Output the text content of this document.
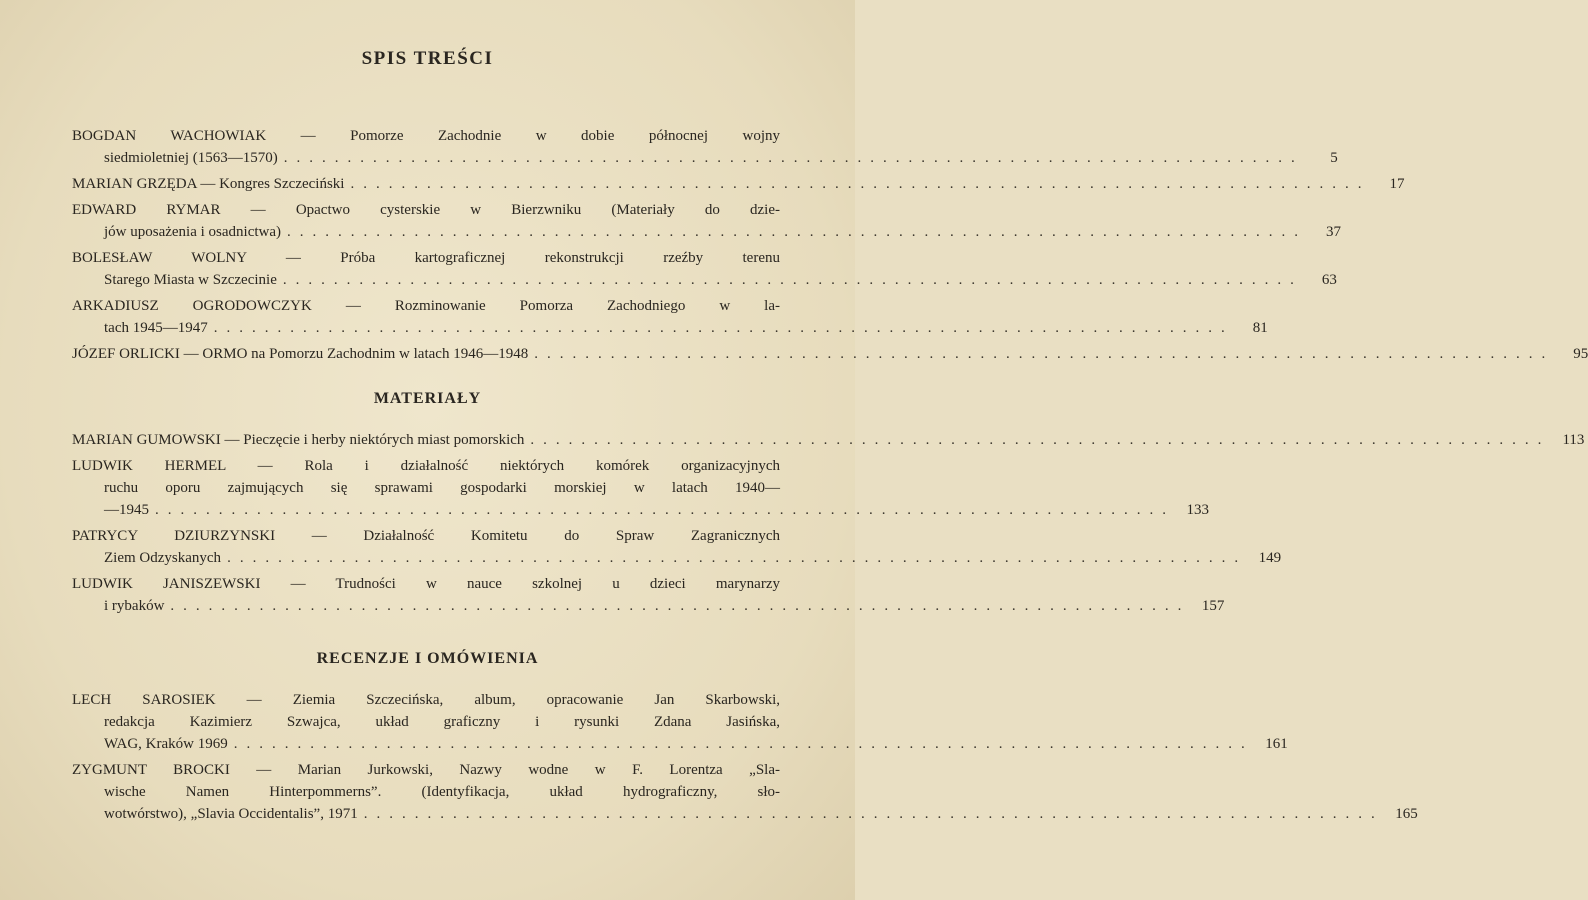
SPIS TREŚCI
BOGDAN WACHOWIAK — Pomorze Zachodnie w dobie północnej wojny
siedmioletniej (1563—1570) ................................................................................	5
MARIAN GRZĘDA — Kongres Szczeciński ................................................................................	17
EDWARD RYMAR — Opactwo cysterskie w Bierzwniku (Materiały do dzie-
jów uposażenia i osadnictwa) ................................................................................	37
BOLESŁAW WOLNY — Próba kartograficznej rekonstrukcji rzeźby terenu
Starego Miasta w Szczecinie ................................................................................	63
ARKADIUSZ OGRODOWCZYK — Rozminowanie Pomorza Zachodniego w la-
tach 1945—1947 ................................................................................	81
JÓZEF ORLICKI — ORMO na Pomorzu Zachodnim w latach 1946—1948 ................................................................................	95
MATERIAŁY
MARIAN GUMOWSKI — Pieczęcie i herby niektórych miast pomorskich ................................................................................ 113
LUDWIK HERMEL — Rola i działalność niektórych komórek organizacyjnych
ruchu oporu zajmujących się sprawami gospodarki morskiej w latach 1940—
—1945 ................................................................................ 133
PATRYCY DZIURZYNSKI — Działalność Komitetu do Spraw Zagranicznych
Ziem Odzyskanych ................................................................................ 149
LUDWIK JANISZEWSKI — Trudności w nauce szkolnej u dzieci marynarzy
i rybaków ................................................................................ 157
RECENZJE I OMÓWIENIA
LECH SAROSIEK — Ziemia Szczecińska, album, opracowanie Jan Skarbowski,
redakcja Kazimierz Szwajca, układ graficzny i rysunki Zdana Jasińska,
WAG, Kraków 1969 ................................................................................ 161
ZYGMUNT BROCKI — Marian Jurkowski, Nazwy wodne w F. Lorentza „Sla-
wische Namen Hinterpommerns”. (Identyfikacja, układ hydrograficzny, sło-
wotwórstwo), „Slavia Occidentalis”, 1971 ................................................................................ 165
